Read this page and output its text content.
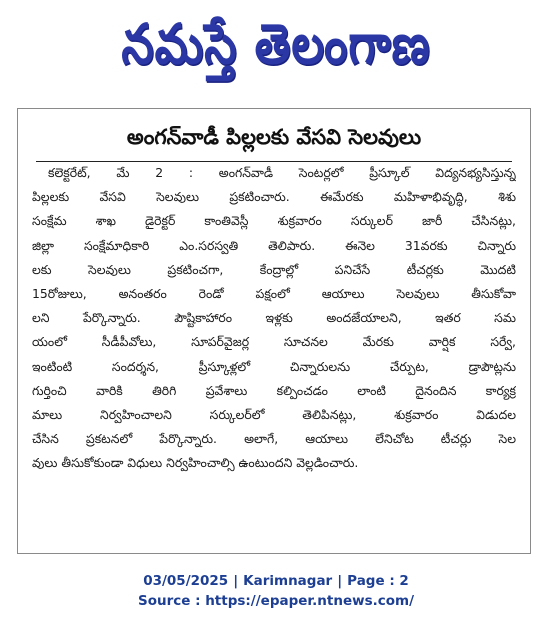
నమస్తే తెలంగాణ
అంగన్‌వాడీ పిల్లలకు వేసవి సెలవులు
కలెక్టరేట్, మే 2 : అంగన్‌వాడీ సెంటర్లలో ప్రీస్కూల్ విద్యనభ్యసిస్తున్న
పిల్లలకు వేసవి సెలవులు ప్రకటించారు. ఈమేరకు మహిళాభివృద్ధి, శిశు
సంక్షేమ శాఖ డైరెక్టర్ కాంతివెస్లీ శుక్రవారం సర్కులర్ జారీ చేసినట్లు,
జిల్లా సంక్షేమాధికారి ఎం.సరస్వతి తెలిపారు. ఈనెల 31వరకు చిన్నారు
లకు సెలవులు ప్రకటించగా, కేంద్రాల్లో పనిచేసే టీచర్లకు మొదటి
15రోజులు, అనంతరం రెండో పక్షంలో ఆయాలు సెలవులు తీసుకోవా
లని పేర్కొన్నారు. పౌష్టికాహారం ఇళ్లకు అందజేయాలని, ఇతర సమ
యంలో సీడీపీవోలు, సూపర్‌వైజర్ల సూచనల మేరకు వార్షిక సర్వే,
ఇంటింటి సందర్శన, ప్రీస్కూళ్లలో చిన్నారులను చేర్పుట, డ్రాపౌట్లను
గుర్తించి వారికి తిరిగి ప్రవేశాలు కల్పించడం లాంటి దైనందిన కార్యక్ర
మాలు నిర్వహించాలని సర్కులర్‌లో తెలిపినట్లు, శుక్రవారం విడుదల
చేసిన ప్రకటనలో పేర్కొన్నారు. అలాగే, ఆయాలు లేనిచోట టీచర్లు సెల
వులు తీసుకోకుండా విధులు నిర్వహించాల్సి ఉంటుందని వెల్లడించారు.
03/05/2025 | Karimnagar | Page : 2
Source : https://epaper.ntnews.com/
